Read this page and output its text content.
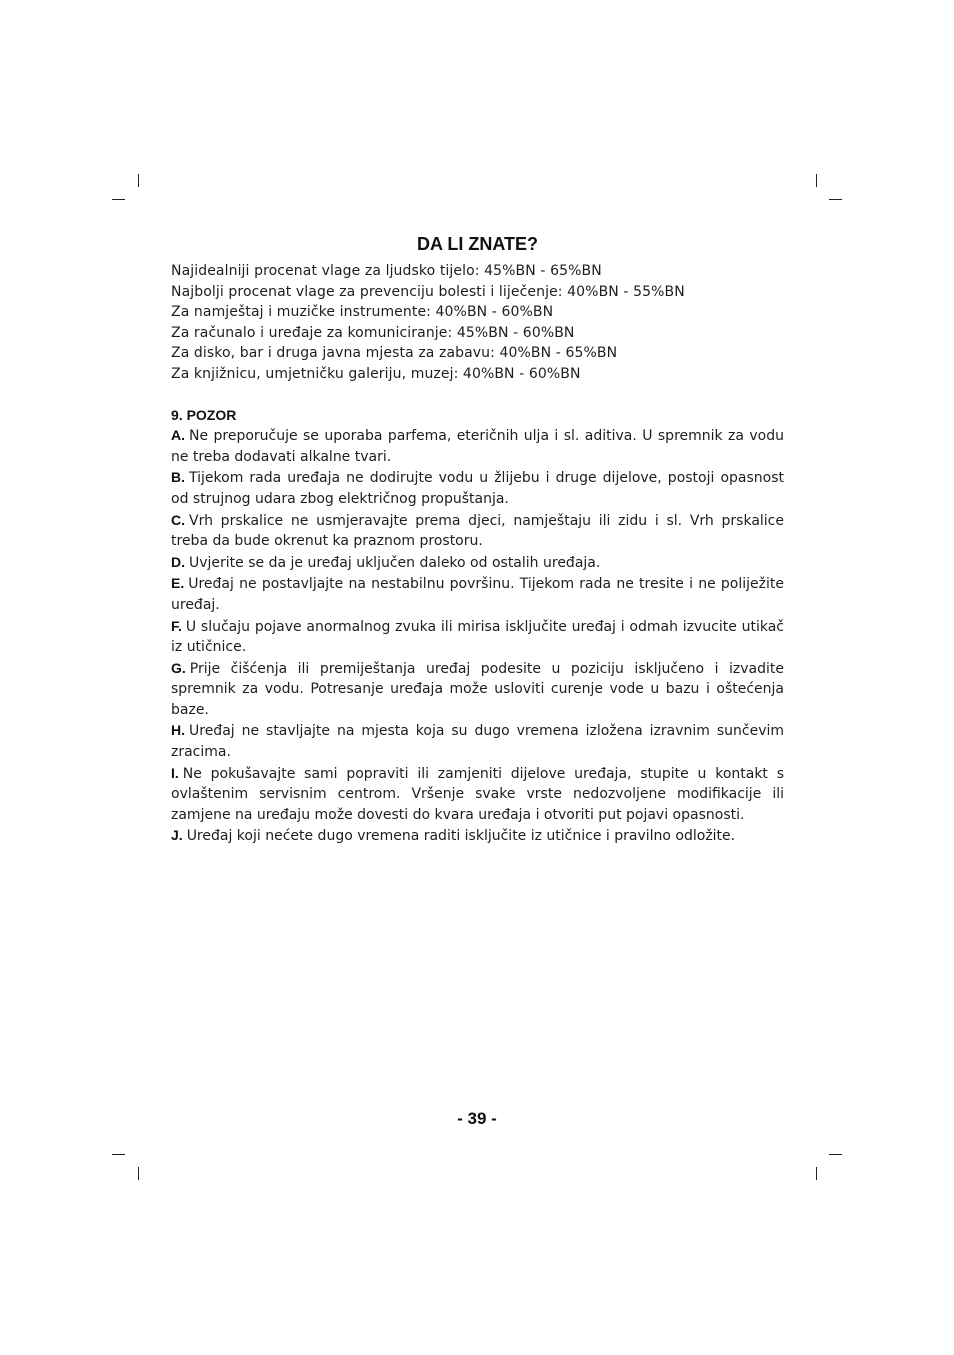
DA LI ZNATE?
Najidealniji procenat vlage za ljudsko tijelo: 45%BN - 65%BN
Najbolji procenat vlage za prevenciju bolesti i liječenje: 40%BN - 55%BN
Za namještaj i muzičke instrumente: 40%BN - 60%BN
Za računalo i uređaje za komuniciranje: 45%BN - 60%BN
Za disko, bar i druga javna mjesta za zabavu: 40%BN - 65%BN
Za knjižnicu, umjetničku galeriju, muzej: 40%BN - 60%BN
9. POZOR
A. Ne preporučuje se uporaba parfema, eteričnih ulja i sl. aditiva. U spremnik za vodu ne treba dodavati alkalne tvari.
B. Tijekom rada uređaja ne dodirujte vodu u žlijebu i druge dijelove, postoji opasnost od strujnog udara zbog električnog propuštanja.
C. Vrh prskalice ne usmjeravajte prema djeci, namještaju ili zidu i sl. Vrh prskalice treba da bude okrenut ka praznom prostoru.
D. Uvjerite se da je uređaj uključen daleko od ostalih uređaja.
E. Uređaj ne postavljajte na nestabilnu površinu. Tijekom rada ne tresite i ne poliježite uređaj.
F. U slučaju pojave anormalnog zvuka ili mirisa isključite uređaj i odmah izvucite utikač iz utičnice.
G. Prije čišćenja ili premiještanja uređaj podesite u poziciju isključeno i izvadite spremnik za vodu. Potresanje uređaja može usloviti curenje vode u bazu i oštećenja baze.
H. Uređaj ne stavljajte na mjesta koja su dugo vremena izložena izravnim sunčevim zracima.
I. Ne pokušavajte sami popraviti ili zamjeniti dijelove uređaja, stupite u kontakt s ovlaštenim servisnim centrom. Vršenje svake vrste nedozvoljene modifikacije ili zamjene na uređaju može dovesti do kvara uređaja i otvoriti put pojavi opasnosti.
J. Uređaj koji nećete dugo vremena raditi isključite iz utičnice i pravilno odložite.
- 39 -
